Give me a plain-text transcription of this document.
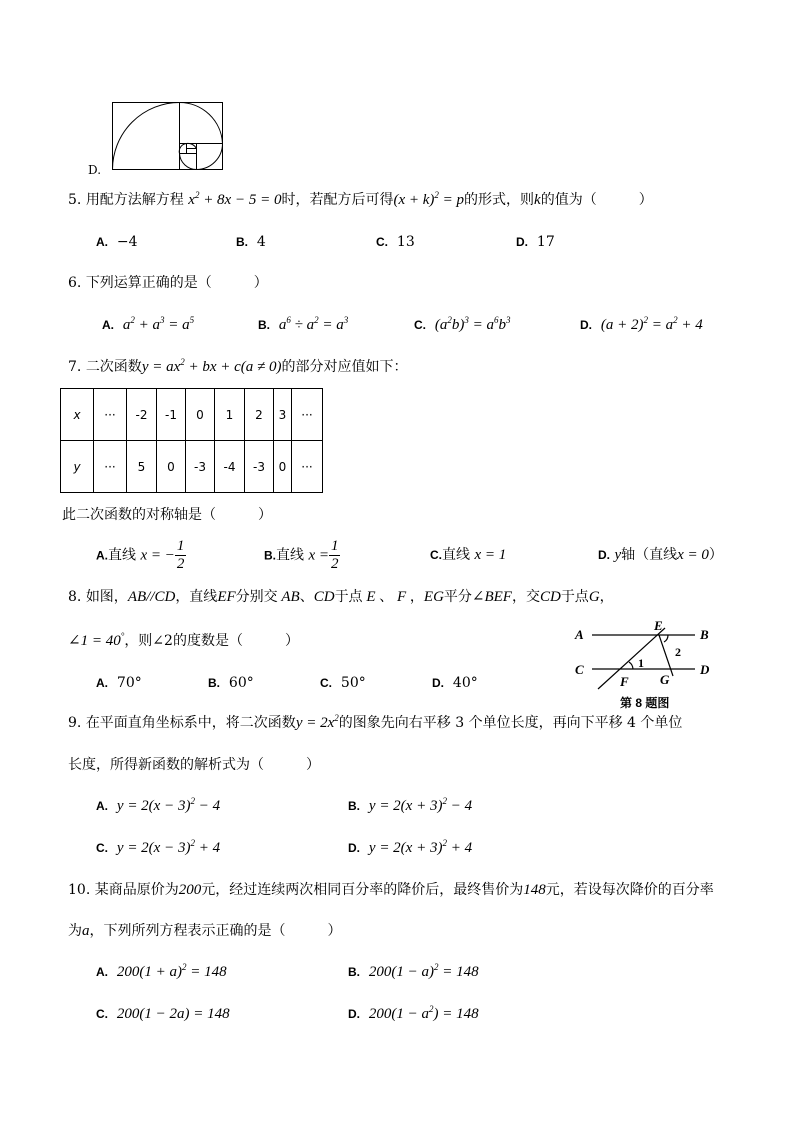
D.
5. 用配方法解方程 $x^2 + 8x - 5 = 0$时，若配方后可得$(x + k)^2 = p$的形式，则k的值为（　　　）
A. −4	B. 4	C. 13	D. 17
6. 下列运算正确的是（　　　）
A. $a^2 + a^3 = a^5$	B. $a^6 \div a^2 = a^3$	C. $(a^2b)^3 = a^6b^3$	D. $(a + 2)^2 = a^2 + 4$
7. 二次函数$y = ax^2$ + bx + c(a ≠ 0)的部分对应值如下：
x	···	-2	-1	0	1	2	3	···
y	···	5	0	-3	-4	-3	0	···
此二次函数的对称轴是（　　　）
A.直线 x = − $\frac{1}{2}$	B.直线 $x = \frac{1}{2}$	C.直线 x = 1	D. y轴（直线x = 0）
8. 如图，AB//CD，直线EF分别交 AB、CD于点 E 、 F ，EG平分∠BEF，交CD于点G，
∠1 = 40°，则∠2的度数是（　　　）
A. 70°	B. 60°	C. 50°	D. 40°
A	B
C	D
E
F G
1
2
第 8 题图
9. 在平面直角坐标系中，将二次函数$y = 2x^2$的图象先向右平移 3 个单位长度，再向下平移 4 个单位
长度，所得新函数的解析式为（　　　）
A. $y = 2(x - 3)^2 - 4$	B. $y = 2(x + 3)^2 - 4$
C. $y = 2(x - 3)^2 + 4$	D. $y = 2(x + 3)^2 + 4$
10. 某商品原价为200元，经过连续两次相同百分率的降价后，最终售价为148元，若设每次降价的百分率
为a，下列所列方程表示正确的是（　　　）
A. $200(1 + a)^2 = 148$	B. $200(1 - a)^2 = 148$
C. 200(1 − 2a) = 148	D. $200(1 - a^2) = 148$
